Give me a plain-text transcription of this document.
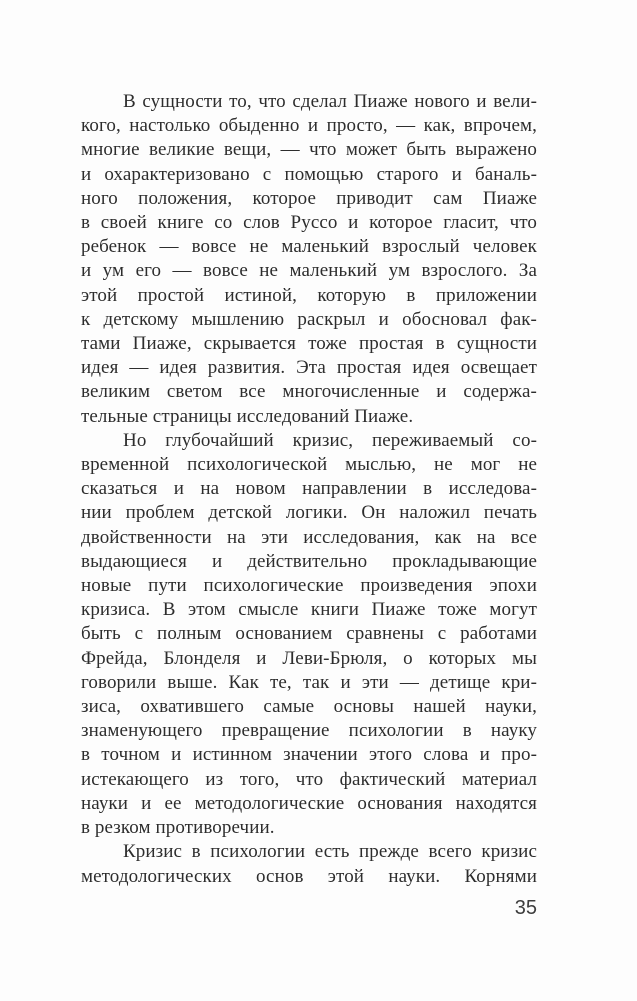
В сущности то, что сделал Пиаже нового и вели-
кого, настолько обыденно и просто, — как, впрочем,
многие великие вещи, — что может быть выражено
и охарактеризовано с помощью старого и баналь-
ного положения, которое приводит сам Пиаже
в своей книге со слов Руссо и которое гласит, что
ребенок — вовсе не маленький взрослый человек
и ум его — вовсе не маленький ум взрослого. За
этой простой истиной, которую в приложении
к детскому мышлению раскрыл и обосновал фак-
тами Пиаже, скрывается тоже простая в сущности
идея — идея развития. Эта простая идея освещает
великим светом все многочисленные и содержа-
тельные страницы исследований Пиаже.
Но глубочайший кризис, переживаемый со-
временной психологической мыслью, не мог не
сказаться и на новом направлении в исследова-
нии проблем детской логики. Он наложил печать
двойственности на эти исследования, как на все
выдающиеся и действительно прокладывающие
новые пути психологические произведения эпохи
кризиса. В этом смысле книги Пиаже тоже могут
быть с полным основанием сравнены с работами
Фрейда, Блонделя и Леви-Брюля, о которых мы
говорили выше. Как те, так и эти — детище кри-
зиса, охватившего самые основы нашей науки,
знаменующего превращение психологии в науку
в точном и истинном значении этого слова и про-
истекающего из того, что фактический материал
науки и ее методологические основания находятся
в резком противоречии.
Кризис в психологии есть прежде всего кризис
методологических основ этой науки. Корнями
35
